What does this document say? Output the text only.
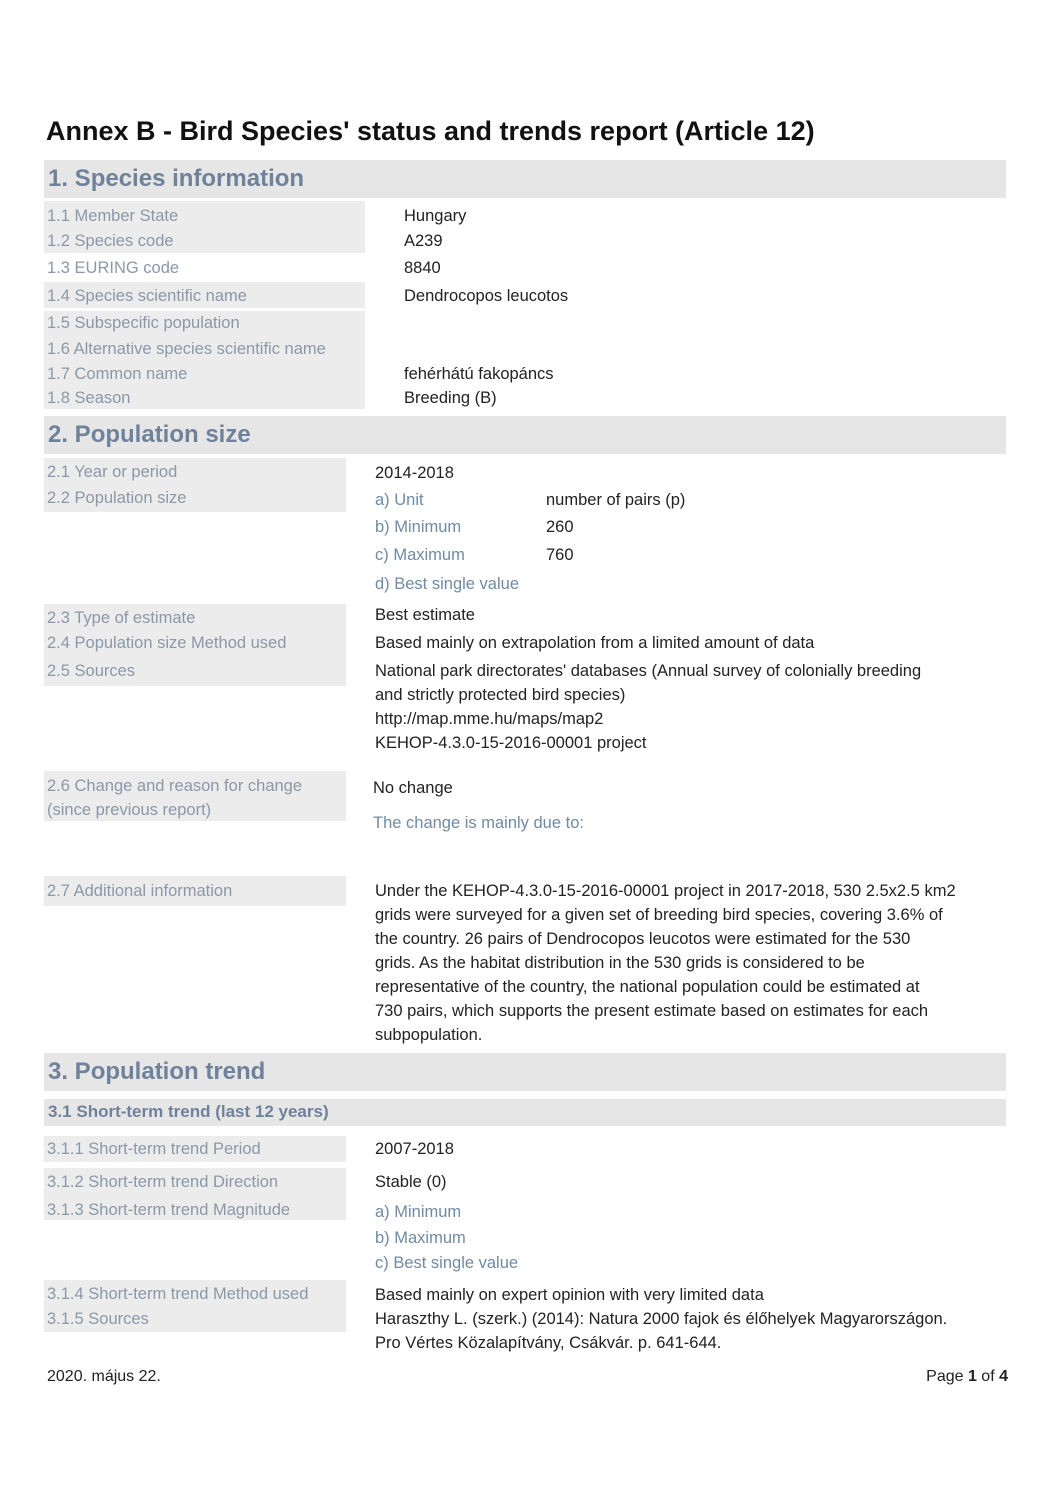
Annex B - Bird Species' status and trends report (Article 12)
1. Species information
1.1 Member State	Hungary
1.2 Species code	A239
1.3 EURING code	8840
1.4 Species scientific name	Dendrocopos leucotos
1.5 Subspecific population
1.6 Alternative species scientific name
1.7 Common name	fehérhátú fakopáncs
1.8 Season	Breeding (B)
2. Population size
2.1 Year or period	2014-2018
2.2 Population size	a) Unit	number of pairs (p)
b) Minimum	260
c) Maximum	760
d) Best single value
2.3 Type of estimate	Best estimate
2.4 Population size Method used	Based mainly on extrapolation from a limited amount of data
2.5 Sources	National park directorates' databases (Annual survey of colonially breeding
and strictly protected bird species)
http://map.mme.hu/maps/map2
KEHOP-4.3.0-15-2016-00001 project
2.6 Change and reason for change
(since previous report)
No change
The change is mainly due to:
2.7 Additional information	Under the KEHOP-4.3.0-15-2016-00001 project in 2017-2018, 530 2.5x2.5 km2
grids were surveyed for a given set of breeding bird species, covering 3.6% of
the country. 26 pairs of Dendrocopos leucotos were estimated for the 530
grids. As the habitat distribution in the 530 grids is considered to be
representative of the country, the national population could be estimated at
730 pairs, which supports the present estimate based on estimates for each
subpopulation.
3. Population trend
3.1 Short-term trend (last 12 years)
3.1.1 Short-term trend Period	2007-2018
3.1.2 Short-term trend Direction	Stable (0)
3.1.3 Short-term trend Magnitude	a) Minimum
b) Maximum
c) Best single value
3.1.4 Short-term trend Method used	Based mainly on expert opinion with very limited data
3.1.5 Sources	Haraszthy L. (szerk.) (2014): Natura 2000 fajok és élőhelyek Magyarországon.
Pro Vértes Közalapítvány, Csákvár. p. 641-644.
2020. május 22.	Page 1 of 4
